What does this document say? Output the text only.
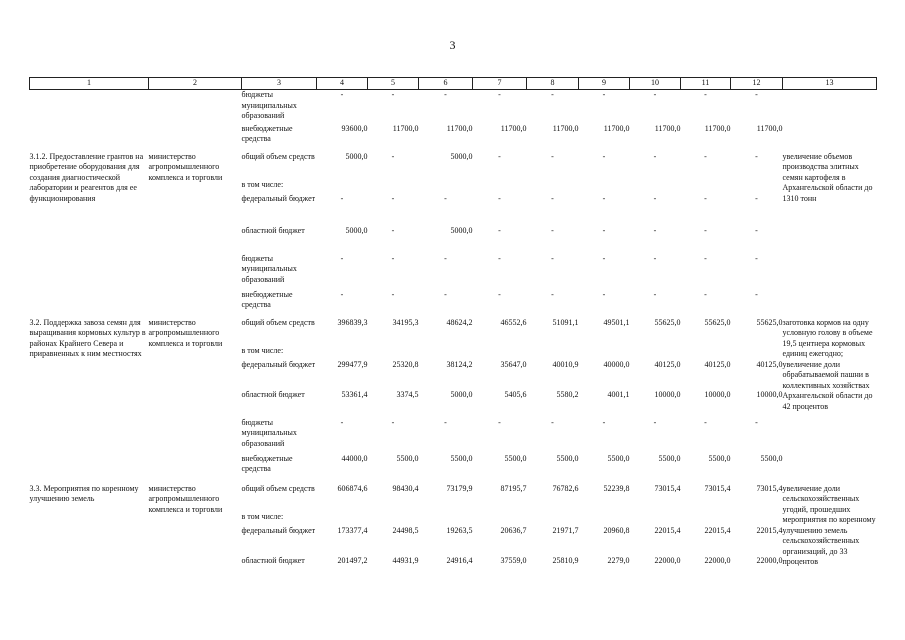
3
1	2	3	4	5	6	7	8	9	10	11	12	13
		бюджеты муниципальных образований	-	-	-	-	-	-	-	-	-	
		внебюджетные средства	93600,0	11700,0	11700,0	11700,0	11700,0	11700,0	11700,0	11700,0	11700,0	
3.1.2. Предоставление грантов на приобретение оборудования для создания диагностической лаборатории и реагентов для ее функционирования	министерство агропромышленного комплекса и торговли	общий объем средств	5000,0	-	5000,0	-	-	-	-	-	-	увеличение объемов производства элитных семян картофеля в Архангельской области до 1310 тонн
		в том числе:										
		федеральный бюджет	-	-	-	-	-	-	-	-	-	
		областной бюджет	5000,0	-	5000,0	-	-	-	-	-	-	
		бюджеты муниципальных образований	-	-	-	-	-	-	-	-	-	
		внебюджетные средства	-	-	-	-	-	-	-	-	-	
3.2. Поддержка завоза семян для выращивания кормовых культур в районах Крайнего Севера и приравненных к ним местностях	министерство агропромышленного комплекса и торговли	общий объем средств	396839,3	34195,3	48624,2	46552,6	51091,1	49501,1	55625,0	55625,0	55625,0	заготовка кормов на одну условную голову в объеме 19,5 центнера кормовых единиц ежегодно; увеличение доли обрабатываемой пашни в коллективных хозяйствах Архангельской области до 42 процентов
		в том числе:										
		федеральный бюджет	299477,9	25320,8	38124,2	35647,0	40010,9	40000,0	40125,0	40125,0	40125,0	
		областной бюджет	53361,4	3374,5	5000,0	5405,6	5580,2	4001,1	10000,0	10000,0	10000,0	
		бюджеты муниципальных образований	-	-	-	-	-	-	-	-	-	
		внебюджетные средства	44000,0	5500,0	5500,0	5500,0	5500,0	5500,0	5500,0	5500,0	5500,0	
3.3. Мероприятия по коренному улучшению земель	министерство агропромышленного комплекса и торговли	общий объем средств	606874,6	98430,4	73179,9	87195,7	76782,6	52239,8	73015,4	73015,4	73015,4	увеличение доли сельскохозяйственных угодий, прошедших мероприятия по коренному улучшению земель сельскохозяйственных организаций, до 33 процентов
		в том числе:										
		федеральный бюджет	173377,4	24498,5	19263,5	20636,7	21971,7	20960,8	22015,4	22015,4	22015,4	
		областной бюджет	201497,2	44931,9	24916,4	37559,0	25810,9	2279,0	22000,0	22000,0	22000,0	
